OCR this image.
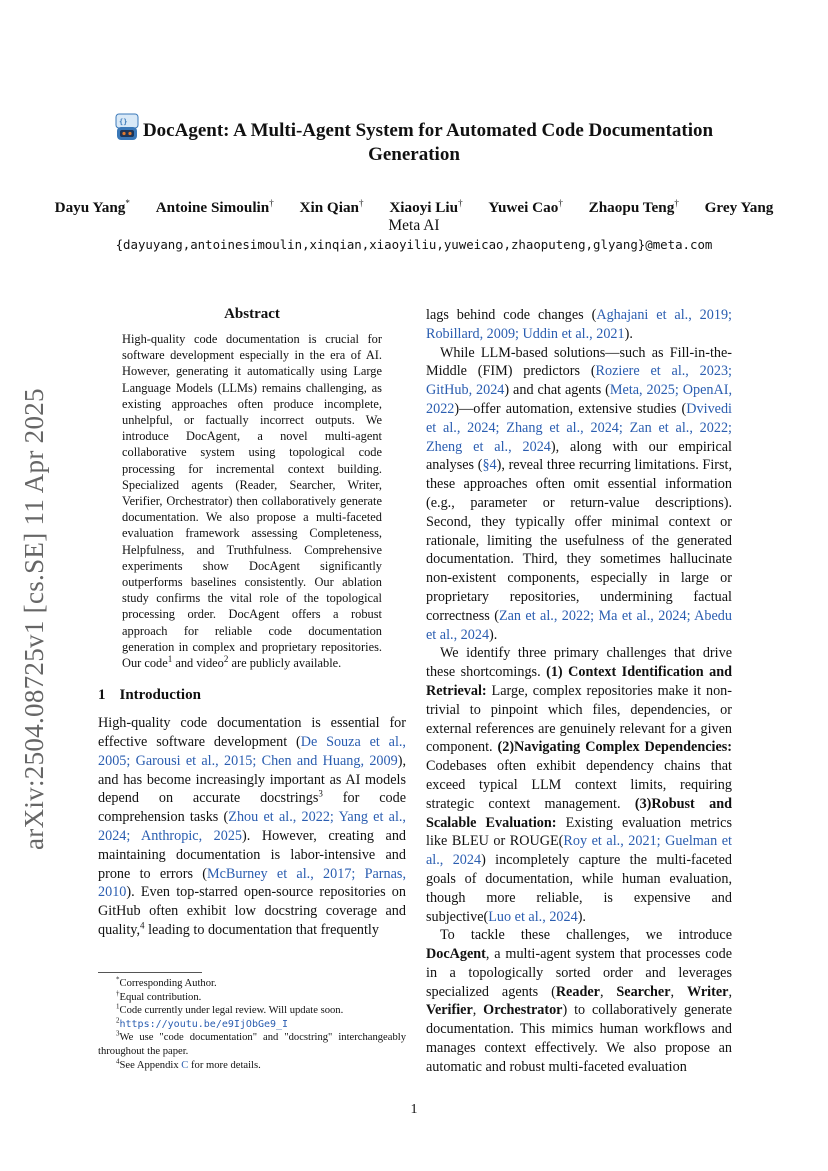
arXiv:2504.08725v1 [cs.SE] 11 Apr 2025
{} DocAgent: A Multi-Agent System for Automated Code Documentation
Generation
Dayu Yang* Antoine Simoulin† Xin Qian† Xiaoyi Liu† Yuwei Cao† Zhaopu Teng† Grey Yang
Meta AI
{dayuyang,antoinesimoulin,xinqian,xiaoyiliu,yuweicao,zhaoputeng,glyang}@meta.com
Abstract
High-quality code documentation is crucial for software development especially in the era of AI. However, generating it automatically using Large Language Models (LLMs) remains challenging, as existing approaches often produce incomplete, unhelpful, or factually incorrect outputs. We introduce DocAgent, a novel multi-agent collaborative system using topological code processing for incremental context building. Specialized agents (Reader, Searcher, Writer, Verifier, Orchestrator) then collaboratively generate documentation. We also propose a multi-faceted evaluation framework assessing Completeness, Helpfulness, and Truthfulness. Comprehensive experiments show DocAgent significantly outperforms baselines consistently. Our ablation study confirms the vital role of the topological processing order. DocAgent offers a robust approach for reliable code documentation generation in complex and proprietary repositories. Our code$^1$ and video$^2$ are publicly available.
1 Introduction

High-quality code documentation is essential for effective software development (De Souza et al., 2005; Garousi et al., 2015; Chen and Huang, 2009), and has become increasingly important as AI models depend on accurate docstrings$^3$ for code comprehension tasks (Zhou et al., 2022; Yang et al., 2024; Anthropic, 2025). However, creating and maintaining documentation is labor-intensive and prone to errors (McBurney et al., 2017; Parnas, 2010). Even top-starred open-source repositories on GitHub often exhibit low docstring coverage and quality,$^4$ leading to documentation that frequently

*Corresponding Author.

†Equal contribution.

$^1$Code currently under legal review. Will update soon.

$^2$https://youtu.be/e9IjObGe9_I

$^3$We use "code documentation" and "docstring" interchangeably throughout the paper.

$^4$See Appendix C for more details.

lags behind code changes (Aghajani et al., 2019; Robillard, 2009; Uddin et al., 2021).

While LLM-based solutions—such as Fill-in-the-Middle (FIM) predictors (Roziere et al., 2023; GitHub, 2024) and chat agents (Meta, 2025; OpenAI, 2022)—offer automation, extensive studies (Dvivedi et al., 2024; Zhang et al., 2024; Zan et al., 2022; Zheng et al., 2024), along with our empirical analyses (§4), reveal three recurring limitations. First, these approaches often omit essential information (e.g., parameter or return-value descriptions). Second, they typically offer minimal context or rationale, limiting the usefulness of the generated documentation. Third, they sometimes hallucinate non-existent components, especially in large or proprietary repositories, undermining factual correctness (Zan et al., 2022; Ma et al., 2024; Abedu et al., 2024).

We identify three primary challenges that drive these shortcomings. (1) Context Identification and Retrieval: Large, complex repositories make it non-trivial to pinpoint which files, dependencies, or external references are genuinely relevant for a given component. (2)Navigating Complex Dependencies: Codebases often exhibit dependency chains that exceed typical LLM context limits, requiring strategic context management. (3)Robust and Scalable Evaluation: Existing evaluation metrics like BLEU or ROUGE(Roy et al., 2021; Guelman et al., 2024) incompletely capture the multi-faceted goals of documentation, while human evaluation, though more reliable, is expensive and subjective(Luo et al., 2024).

To tackle these challenges, we introduce DocAgent, a multi-agent system that processes code in a topologically sorted order and leverages specialized agents (Reader, Searcher, Writer, Verifier, Orchestrator) to collaboratively generate documentation. This mimics human workflows and manages context effectively. We also propose an automatic and robust multi-faceted evaluation

1
